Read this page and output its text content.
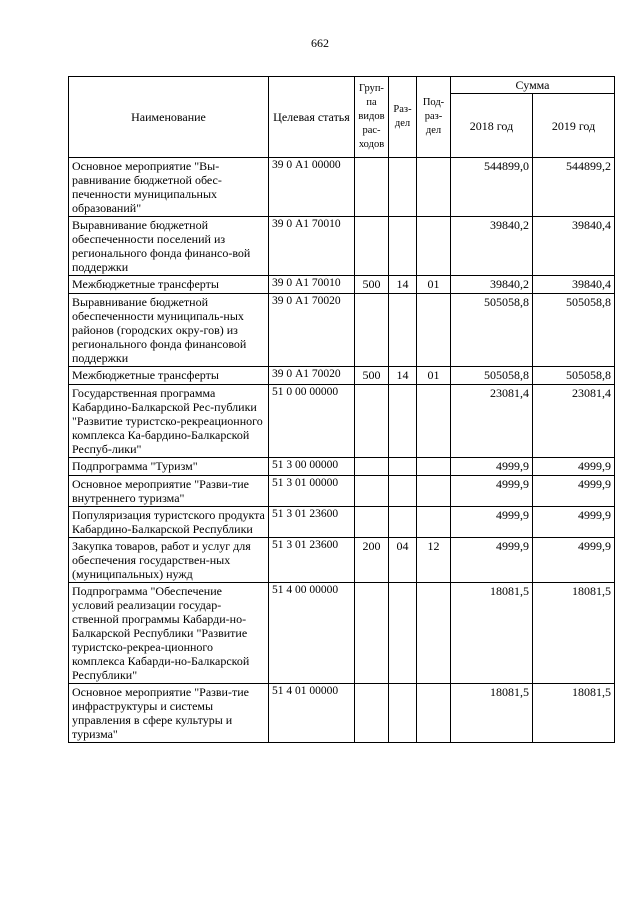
662
Наименование	Целевая статья	Груп-па видов рас-ходов	Раз-дел	Под-раз-дел	Сумма	
					2018 год	2019 год
Основное мероприятие "Вы-равнивание бюджетной обес-печенности муниципальных образований"	39 0 А1 00000				544899,0	544899,2
Выравнивание бюджетной обеспеченности поселений из регионального фонда финансо-вой поддержки	39 0 А1 70010				39840,2	39840,4
Межбюджетные трансферты	39 0 А1 70010	500	14	01	39840,2	39840,4
Выравнивание бюджетной обеспеченности муниципаль-ных районов (городских окру-гов) из регионального фонда финансовой поддержки	39 0 А1 70020				505058,8	505058,8
Межбюджетные трансферты	39 0 А1 70020	500	14	01	505058,8	505058,8
Государственная программа Кабардино-Балкарской Рес-публики "Развитие туристско-рекреационного комплекса Ка-бардино-Балкарской Респуб-лики"	51 0 00 00000				23081,4	23081,4
Подпрограмма "Туризм"	51 3 00 00000				4999,9	4999,9
Основное мероприятие "Разви-тие внутреннего туризма"	51 3 01 00000				4999,9	4999,9
Популяризация туристского продукта Кабардино-Балкарской Республики	51 3 01 23600				4999,9	4999,9
Закупка товаров, работ и услуг для обеспечения государствен-ных (муниципальных) нужд	51 3 01 23600	200	04	12	4999,9	4999,9
Подпрограмма "Обеспечение условий реализации государ-ственной программы Кабарди-но-Балкарской Республики "Развитие туристско-рекреа-ционного комплекса Кабарди-но-Балкарской Республики"	51 4 00 00000				18081,5	18081,5
Основное мероприятие "Разви-тие инфраструктуры и системы управления в сфере культуры и туризма"	51 4 01 00000				18081,5	18081,5
